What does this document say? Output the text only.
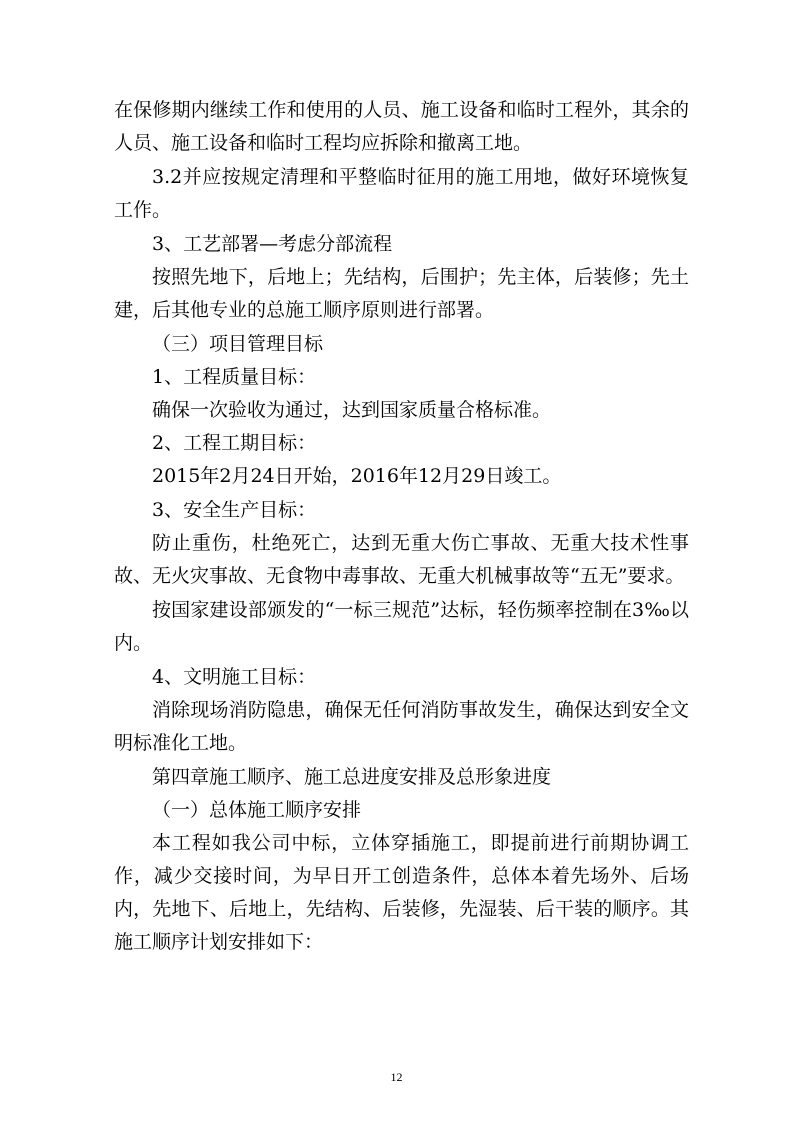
在保修期内继续工作和使用的人员、施工设备和临时工程外，其余的人员、施工设备和临时工程均应拆除和撤离工地。

3.2并应按规定清理和平整临时征用的施工用地，做好环境恢复工作。

3、工艺部署—考虑分部流程

按照先地下，后地上；先结构，后围护；先主体，后装修；先土建，后其他专业的总施工顺序原则进行部署。

（三）项目管理目标

1、工程质量目标：

确保一次验收为通过，达到国家质量合格标准。

2、工程工期目标：

2015年2月24日开始，2016年12月29日竣工。

3、安全生产目标：

防止重伤，杜绝死亡，达到无重大伤亡事故、无重大技术性事故、无火灾事故、无食物中毒事故、无重大机械事故等“五无”要求。

按国家建设部颁发的“一标三规范”达标，轻伤频率控制在3‰以内。

4、文明施工目标：

消除现场消防隐患，确保无任何消防事故发生，确保达到安全文明标准化工地。

第四章施工顺序、施工总进度安排及总形象进度

（一）总体施工顺序安排

本工程如我公司中标，立体穿插施工，即提前进行前期协调工作，减少交接时间，为早日开工创造条件，总体本着先场外、后场内，先地下、后地上，先结构、后装修，先湿装、后干装的顺序。其施工顺序计划安排如下：

12
